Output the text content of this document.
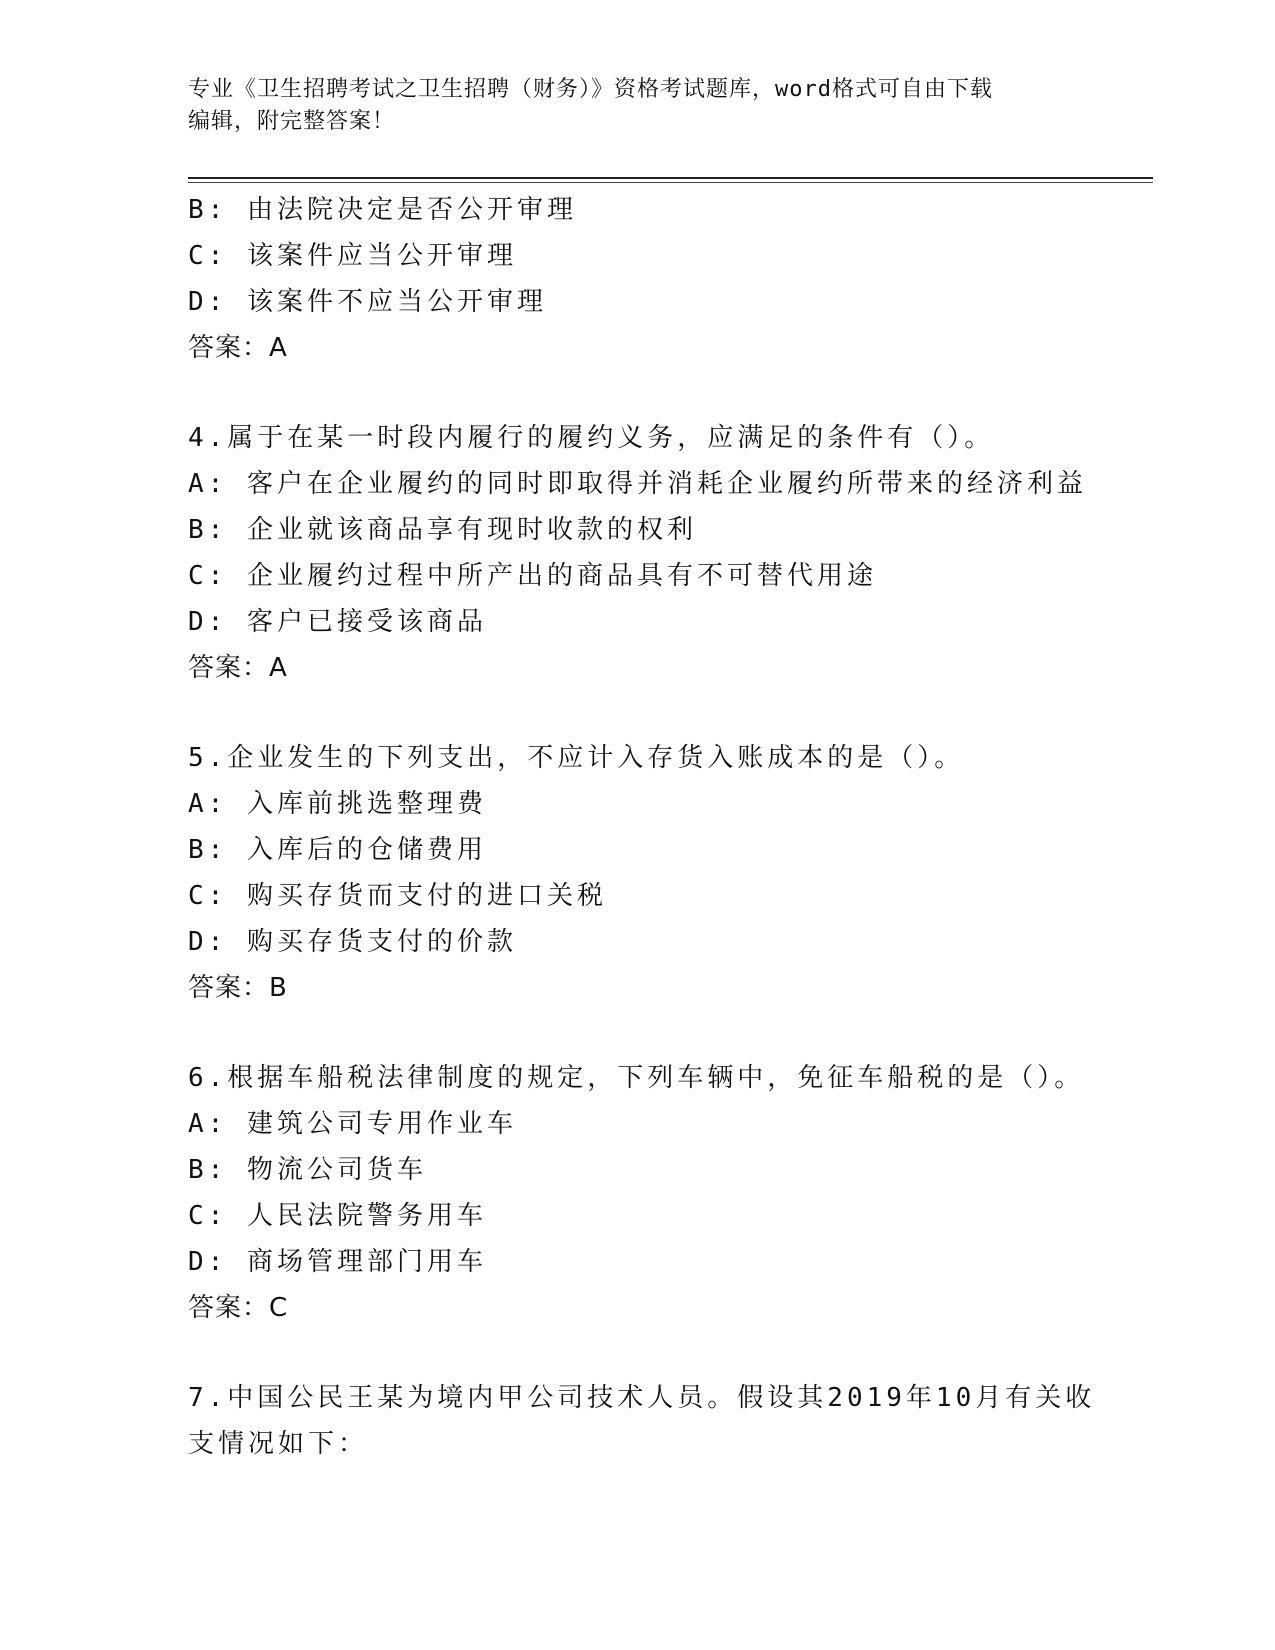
专业《卫生招聘考试之卫生招聘（财务）》资格考试题库，word格式可自由下载
编辑，附完整答案！
B: 由法院决定是否公开审理
C: 该案件应当公开审理
D: 该案件不应当公开审理
答案：A
4.属于在某一时段内履行的履约义务，应满足的条件有（）。
A: 客户在企业履约的同时即取得并消耗企业履约所带来的经济利益
B: 企业就该商品享有现时收款的权利
C: 企业履约过程中所产出的商品具有不可替代用途
D: 客户已接受该商品
答案：A
5.企业发生的下列支出，不应计入存货入账成本的是（）。
A: 入库前挑选整理费
B: 入库后的仓储费用
C: 购买存货而支付的进口关税
D: 购买存货支付的价款
答案：B
6.根据车船税法律制度的规定，下列车辆中，免征车船税的是（）。
A: 建筑公司专用作业车
B: 物流公司货车
C: 人民法院警务用车
D: 商场管理部门用车
答案：C
7.中国公民王某为境内甲公司技术人员。假设其2019年10月有关收
支情况如下：
